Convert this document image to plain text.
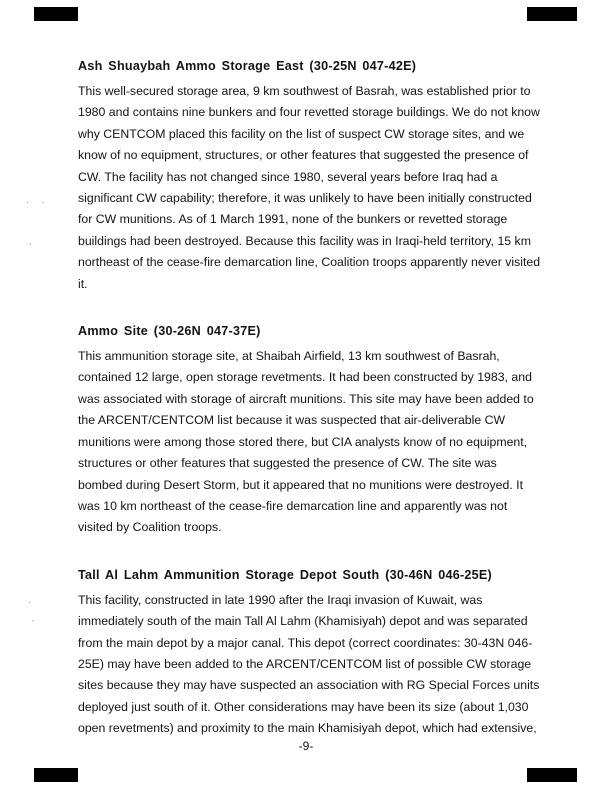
. .
.
.
`
Ash Shuaybah Ammo Storage East (30-25N 047-42E)

This well-secured storage area, 9 km southwest of Basrah, was established prior to 1980 and contains nine bunkers and four revetted storage buildings. We do not know why CENTCOM placed this facility on the list of suspect CW storage sites, and we know of no equipment, structures, or other features that suggested the presence of CW. The facility has not changed since 1980, several years before Iraq had a significant CW capability; therefore, it was unlikely to have been initially constructed for CW munitions. As of 1 March 1991, none of the bunkers or revetted storage buildings had been destroyed. Because this facility was in Iraqi-held territory, 15 km northeast of the cease-fire demarcation line, Coalition troops apparently never visited it.

Ammo Site (30-26N 047-37E)

This ammunition storage site, at Shaibah Airfield, 13 km southwest of Basrah, contained 12 large, open storage revetments. It had been constructed by 1983, and was associated with storage of aircraft munitions. This site may have been added to the ARCENT/CENTCOM list because it was suspected that air-deliverable CW munitions were among those stored there, but CIA analysts know of no equipment, structures or other features that suggested the presence of CW. The site was bombed during Desert Storm, but it appeared that no munitions were destroyed. It was 10 km northeast of the cease-fire demarcation line and apparently was not visited by Coalition troops.

Tall Al Lahm Ammunition Storage Depot South (30-46N 046-25E)

This facility, constructed in late 1990 after the Iraqi invasion of Kuwait, was immediately south of the main Tall Al Lahm (Khamisiyah) depot and was separated from the main depot by a major canal. This depot (correct coordinates: 30-43N 046-25E) may have been added to the ARCENT/CENTCOM list of possible CW storage sites because they may have suspected an association with RG Special Forces units deployed just south of it. Other considerations may have been its size (about 1,030 open revetments) and proximity to the main Khamisiyah depot, which had extensive,

-9-
